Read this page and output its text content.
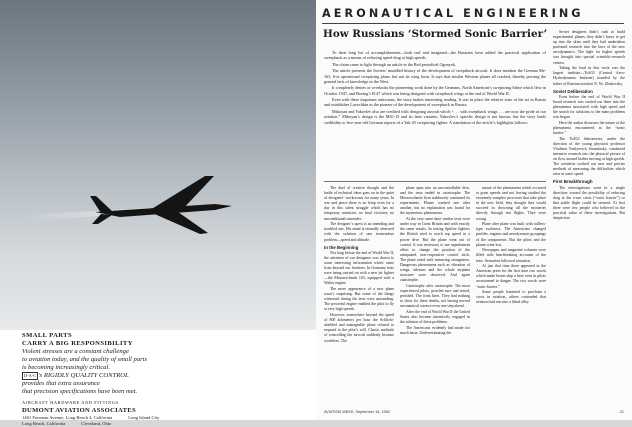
SMALL PARTS
CARRY A BIG RESPONSIBILITY
Violent stresses are a constant challenge
to aviation today, and the quality of small parts
is becoming increasingly critical.
D-A-C 's RIGIDLY QUALITY CONTROL
provides that extra assurance
that precision specifications have been met.
AIRCRAFT HARDWARE AND FITTINGS
DUMONT AVIATION ASSOCIATES
1461 Freeman Avenue, Long Beach 4, California	Long Island City
Long Beach, California	Cleveland, Ohio
AERONAUTICAL ENGINEERING
How Russians ‘Stormed Sonic Barrier’

To their long list of accomplishments—both real and imagined—the Russians have added the practical application of sweepback as a means of reducing speed drag at high speeds.

The claim came to light through an article in the Red periodical Ogonyok.

The article presents the Soviets’ muddled history of the development of sweptback aircraft. It does mention the German Me-163, 6-ot operational sweptwing plane, but not its wing form. It says that similar Western planes all crashed, thereby proving the general lack of knowledge in the West.

It completely denies or overlooks the pioneering work done by the Germans, North American’s sweptwing Sabre which flew in October 1947, and Boeing’s B-47 which was being designed with sweptback wings at the end of World War II.

Even with these important omissions, the story makes interesting reading. It sets in place the relative state of the art in Russia and establishes Lavochkin as the pioneer of the development of sweepback in Russia.

Mikoyan and Yakovlev also are credited with designing aircraft which “. . . with sweptback wings . . . are now the pride of our aviation.” Mikoyan’s design is the MiG-15 and its later variants; Yakovlev’s specific design is not known, but the story lends credibility to five-year-old German reports of a Yak-25 sweptwing fighter. A translation of the article’s highlights follows:

The duel of creative thought and the battle of technical ideas goes on in the quiet of designers’ workrooms for many years. In war and peace there is no letup even for a day in this silent struggle which has no temporary armistice, no final victories, no unconditional surrender.

The designer’s quest is an unending and troubled one. His mind is eternally obsessed with the solution of one tremendous problem—speed and altitude.

In the Beginning

Not long before the end of World War II, the attention of our designers was drawn to some interesting information which came from beyond our frontiers. In Germany tests were being carried on with a new jet fighter—the Messerschmitt 163, equipped with a Walter engine.

The mere appearance of a new plane wasn’t surprising. But some of the things witnessed during the tests were astounding. The powerful engine enabled the pilot to fly at very high speeds.

However, somewhere beyond the speed of 800 kilometers per hour the Schlicht-shielded and manageable plane refused to respond to the pilot’s will. Classic methods of controlling the aircraft suddenly became worthless. The

plane spun into an uncontrollable dive, and the tests ended in catastrophe. The Messerschmitt firm stubbornly continued its experiments. Planes crashed one after another, but no explanation was found for the mysterious phenomena.

At the very same time similar tests were under way in Great Britain and with exactly the same results. In testing Spitfire fighters the British tried to reach top speed in a power dive. But the plane went out of control. It was necessary to use superhuman effort to change the position of the antiquated, non-responsive control stick. The plane acted with menacing strangeness. Dangerous phenomena such as vibration of wings, ailerons and the whole airplane structure were observed. And again catastrophe.

Catastrophe after catastrophe. The most experienced pilots, proofed sure and tested, perished. The front lines. They had nothing to show for these deaths, not having moved aeronautical science even one step ahead.

After the end of World War II the United States also became intensively engaged in the solution of these problems.

The Americans evidently had made too much haste. Underestimating the

nature of the phenomena which occurred at great speeds and not having studied the extremely complex processes that take place in the new field, they thought they would succeed in drowning all the mysteries directly through test flights. They were wrong.

Plane after plane was built with tailless-type swiftness. The Americans changed profiles, engines and aerodynamic groupings of the components. But the pilots and the planes went lost.

Newspaper and magazine columns were filled with heartbreaking accounts of the tests. Sensation followed sensation.

At just that time there appeared in the American press for the first time two words which made hearts skip a beat even in pilots accustomed to danger. The two words were “sonic barrier.”

Some people hastened to proclaim a crisis in aviation, others contended that aviation had run into a blind alley.

Soviet designers didn’t rush to build experimental planes; they didn’t hurry to get up into the skies until they had undertaken profound research into the laws of the new aerodynamics. The fight for higher speeds was brought into special scientific-research centers.

Taking the lead in this work was the largest institute—TsAGI (Central Aero-Hydrodynamic Institute) founded by the father of Russian aviation N. Ye. Zhukovsky.

Soviet Deliberation

Even before the end of World War II broad research was carried out there into the phenomena associated with high speed and the search for solutions to the main problems was begun.

Here the author discusses the nature of the phenomena encountered at the “sonic barrier.”

The TsAGI laboratories, under the direction of the young physicist professor Vladimir Vasilyevich Struminsky, conducted intensive research into the physical picture of air flow around bodies moving at high speeds. The scientists worked out new and precise methods of measuring the difficulties which arise at sonic speed.

First Breakthrough

The investigations went in a single direction: toward the possibility of reducing drag at the wave crisis (“sonic barrier”) so that stable flight could be secured. At first there were few people who believed in the practical value of these investigations. But skepticism

AVIATION WEEK, September 15, 1952	21
